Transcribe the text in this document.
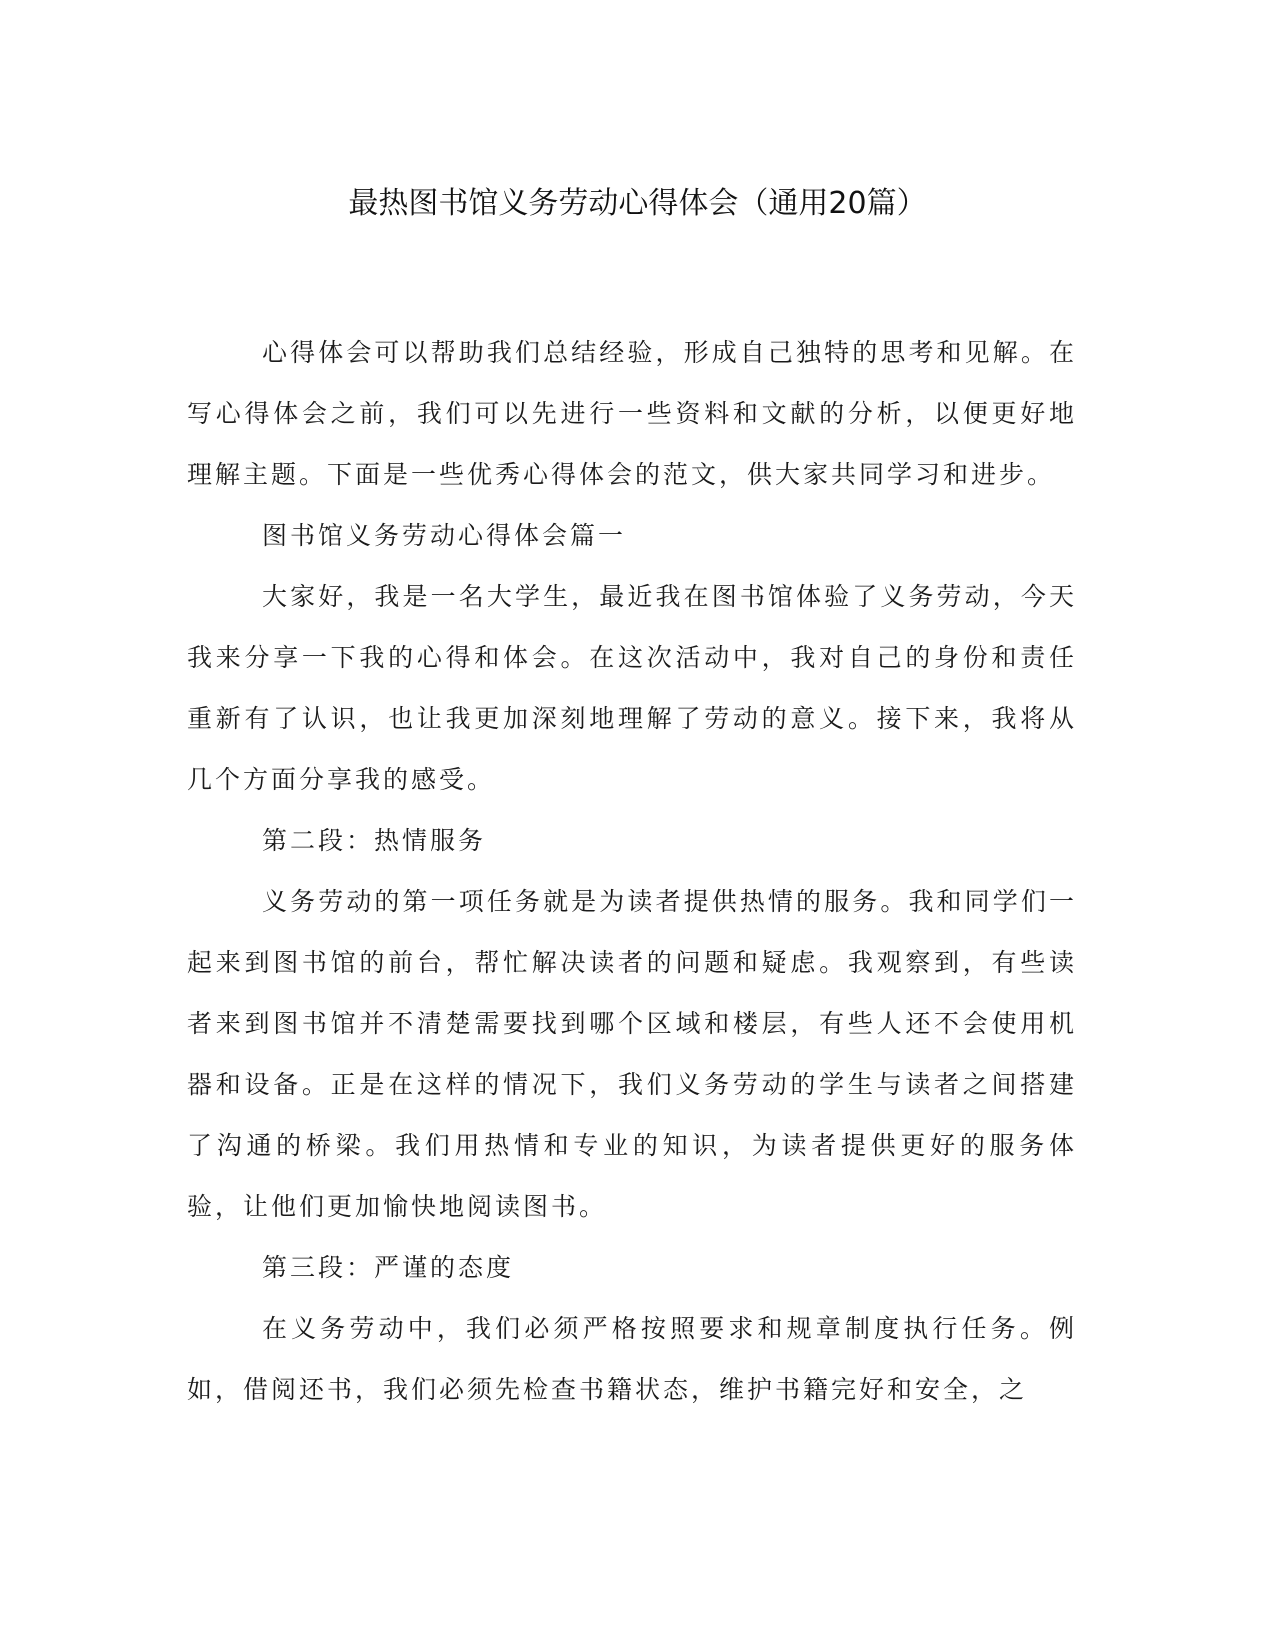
最热图书馆义务劳动心得体会（通用20篇）

心得体会可以帮助我们总结经验，形成自己独特的思考和见解。在写心得体会之前，我们可以先进行一些资料和文献的分析，以便更好地理解主题。下面是一些优秀心得体会的范文，供大家共同学习和进步。

图书馆义务劳动心得体会篇一

大家好，我是一名大学生，最近我在图书馆体验了义务劳动，今天我来分享一下我的心得和体会。在这次活动中，我对自己的身份和责任重新有了认识，也让我更加深刻地理解了劳动的意义。接下来，我将从几个方面分享我的感受。

第二段：热情服务

义务劳动的第一项任务就是为读者提供热情的服务。我和同学们一起来到图书馆的前台，帮忙解决读者的问题和疑虑。我观察到，有些读者来到图书馆并不清楚需要找到哪个区域和楼层，有些人还不会使用机器和设备。正是在这样的情况下，我们义务劳动的学生与读者之间搭建了沟通的桥梁。我们用热情和专业的知识，为读者提供更好的服务体验，让他们更加愉快地阅读图书。

第三段：严谨的态度

在义务劳动中，我们必须严格按照要求和规章制度执行任务。例如，借阅还书，我们必须先检查书籍状态，维护书籍完好和安全，之
